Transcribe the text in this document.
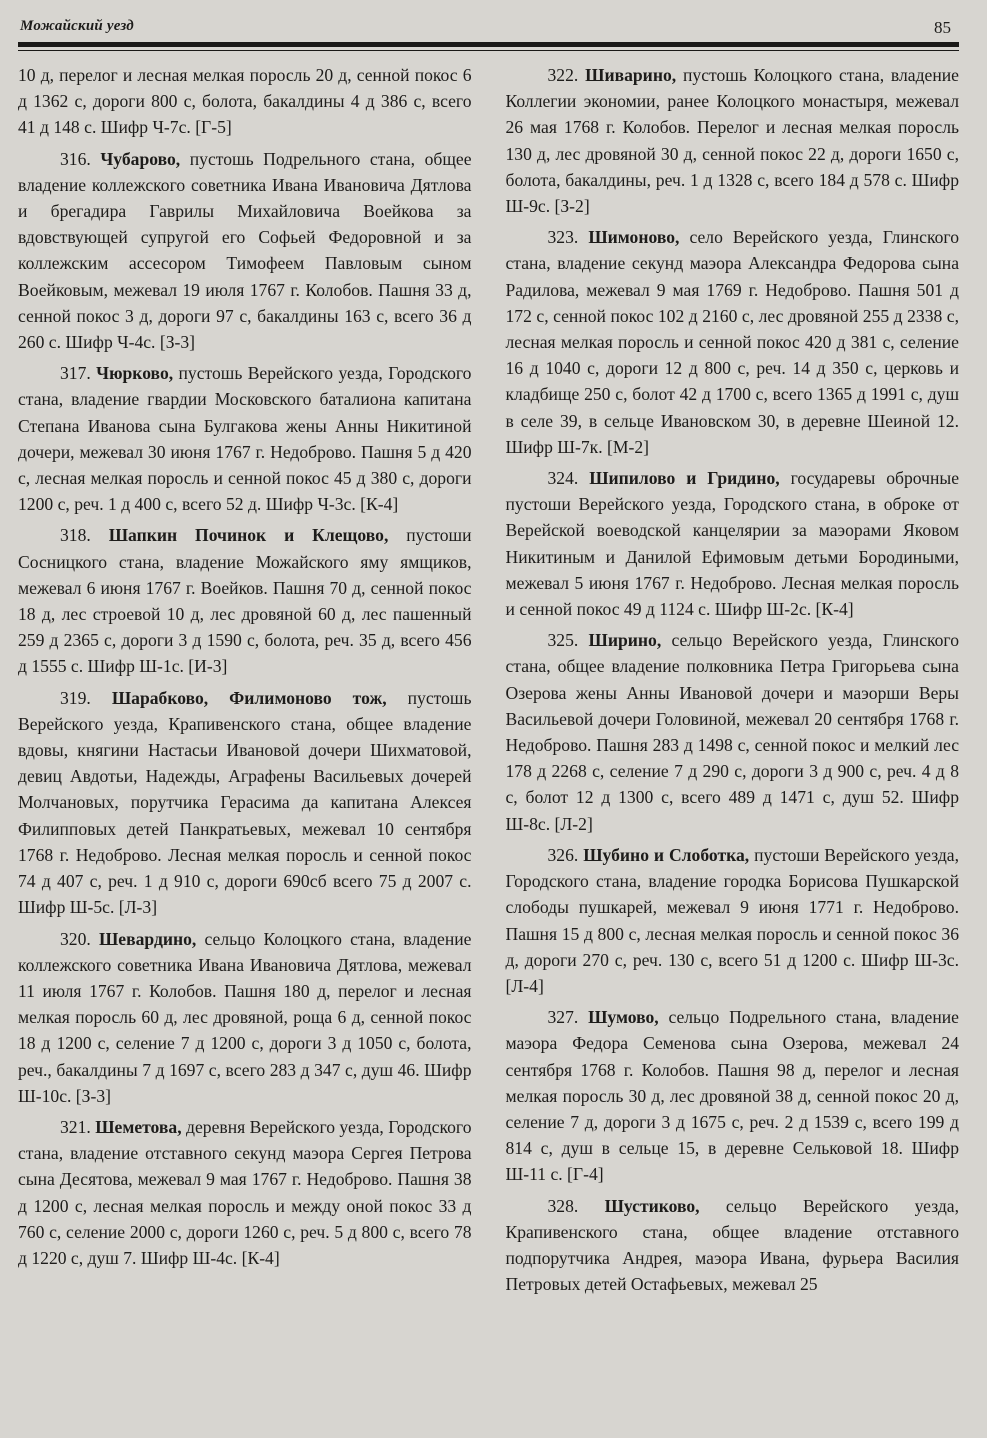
Можайский уезд	85

10 д, перелог и лесная мелкая поросль 20 д, сенной покос 6 д 1362 с, дороги 800 с, болота, бакалдины 4 д 386 с, всего 41 д 148 с. Шифр Ч-7с. [Г-5]

316. Чубарово, пустошь Подрельного стана, общее владение коллежского советника Ивана Ивановича Дятлова и брегадира Гаврилы Михайловича Воейкова за вдовствующей супругой его Софьей Федоровной и за коллежским ассесором Тимофеем Павловым сыном Воейковым, межевал 19 июля 1767 г. Колобов. Пашня 33 д, сенной покос 3 д, дороги 97 с, бакалдины 163 с, всего 36 д 260 с. Шифр Ч-4с. [З-3]

317. Чюрково, пустошь Верейского уезда, Городского стана, владение гвардии Московского баталиона капитана Степана Иванова сына Булгакова жены Анны Никитиной дочери, межевал 30 июня 1767 г. Недоброво. Пашня 5 д 420 с, лесная мелкая поросль и сенной покос 45 д 380 с, дороги 1200 с, реч. 1 д 400 с, всего 52 д. Шифр Ч-3с. [К-4]

318. Шапкин Починок и Клещово, пустоши Сосницкого стана, владение Можайского яму ямщиков, межевал 6 июня 1767 г. Воейков. Пашня 70 д, сенной покос 18 д, лес строевой 10 д, лес дровяной 60 д, лес пашенный 259 д 2365 с, дороги 3 д 1590 с, болота, реч. 35 д, всего 456 д 1555 с. Шифр Ш-1с. [И-3]

319. Шарабково, Филимоново тож, пустошь Верейского уезда, Крапивенского стана, общее владение вдовы, княгини Настасьи Ивановой дочери Шихматовой, девиц Авдотьи, Надежды, Аграфены Васильевых дочерей Молчановых, порутчика Герасима да капитана Алексея Филипповых детей Панкратьевых, межевал 10 сентября 1768 г. Недоброво. Лесная мелкая поросль и сенной покос 74 д 407 с, реч. 1 д 910 с, дороги 690сб всего 75 д 2007 с. Шифр Ш-5с. [Л-3]

320. Шевардино, сельцо Колоцкого стана, владение коллежского советника Ивана Ивановича Дятлова, межевал 11 июля 1767 г. Колобов. Пашня 180 д, перелог и лесная мелкая поросль 60 д, лес дровяной, роща 6 д, сенной покос 18 д 1200 с, селение 7 д 1200 с, дороги 3 д 1050 с, болота, реч., бакалдины 7 д 1697 с, всего 283 д 347 с, душ 46. Шифр Ш-10с. [З-3]

321. Шеметова, деревня Верейского уезда, Городского стана, владение отставного секунд маэора Сергея Петрова сына Десятова, межевал 9 мая 1767 г. Недоброво. Пашня 38 д 1200 с, лесная мелкая поросль и между оной покос 33 д 760 с, селение 2000 с, дороги 1260 с, реч. 5 д 800 с, всего 78 д 1220 с, душ 7. Шифр Ш-4с. [К-4]

322. Шиварино, пустошь Колоцкого стана, владение Коллегии экономии, ранее Колоцкого монастыря, межевал 26 мая 1768 г. Колобов. Перелог и лесная мелкая поросль 130 д, лес дровяной 30 д, сенной покос 22 д, дороги 1650 с, болота, бакалдины, реч. 1 д 1328 с, всего 184 д 578 с. Шифр Ш-9с. [З-2]

323. Шимоново, село Верейского уезда, Глинского стана, владение секунд маэора Александра Федорова сына Радилова, межевал 9 мая 1769 г. Недоброво. Пашня 501 д 172 с, сенной покос 102 д 2160 с, лес дровяной 255 д 2338 с, лесная мелкая поросль и сенной покос 420 д 381 с, селение 16 д 1040 с, дороги 12 д 800 с, реч. 14 д 350 с, церковь и кладбище 250 с, болот 42 д 1700 с, всего 1365 д 1991 с, душ в селе 39, в сельце Ивановском 30, в деревне Шеиной 12. Шифр Ш-7к. [М-2]

324. Шипилово и Гридино, государевы оброчные пустоши Верейского уезда, Городского стана, в оброке от Верейской воеводской канцелярии за маэорами Яковом Никитиным и Данилой Ефимовым детьми Бородиными, межевал 5 июня 1767 г. Недоброво. Лесная мелкая поросль и сенной покос 49 д 1124 с. Шифр Ш-2с. [К-4]

325. Ширино, сельцо Верейского уезда, Глинского стана, общее владение полковника Петра Григорьева сына Озерова жены Анны Ивановой дочери и маэорши Веры Васильевой дочери Головиной, межевал 20 сентября 1768 г. Недоброво. Пашня 283 д 1498 с, сенной покос и мелкий лес 178 д 2268 с, селение 7 д 290 с, дороги 3 д 900 с, реч. 4 д 8 с, болот 12 д 1300 с, всего 489 д 1471 с, душ 52. Шифр Ш-8с. [Л-2]

326. Шубино и Слоботка, пустоши Верейского уезда, Городского стана, владение городка Борисова Пушкарской слободы пушкарей, межевал 9 июня 1771 г. Недоброво. Пашня 15 д 800 с, лесная мелкая поросль и сенной покос 36 д, дороги 270 с, реч. 130 с, всего 51 д 1200 с. Шифр Ш-3с. [Л-4]

327. Шумово, сельцо Подрельного стана, владение маэора Федора Семенова сына Озерова, межевал 24 сентября 1768 г. Колобов. Пашня 98 д, перелог и лесная мелкая поросль 30 д, лес дровяной 38 д, сенной покос 20 д, селение 7 д, дороги 3 д 1675 с, реч. 2 д 1539 с, всего 199 д 814 с, душ в сельце 15, в деревне Сельковой 18. Шифр Ш-11 с. [Г-4]

328. Шустиково, сельцо Верейского уезда, Крапивенского стана, общее владение отставного подпорутчика Андрея, маэора Ивана, фурьера Василия Петровых детей Остафьевых, межевал 25
